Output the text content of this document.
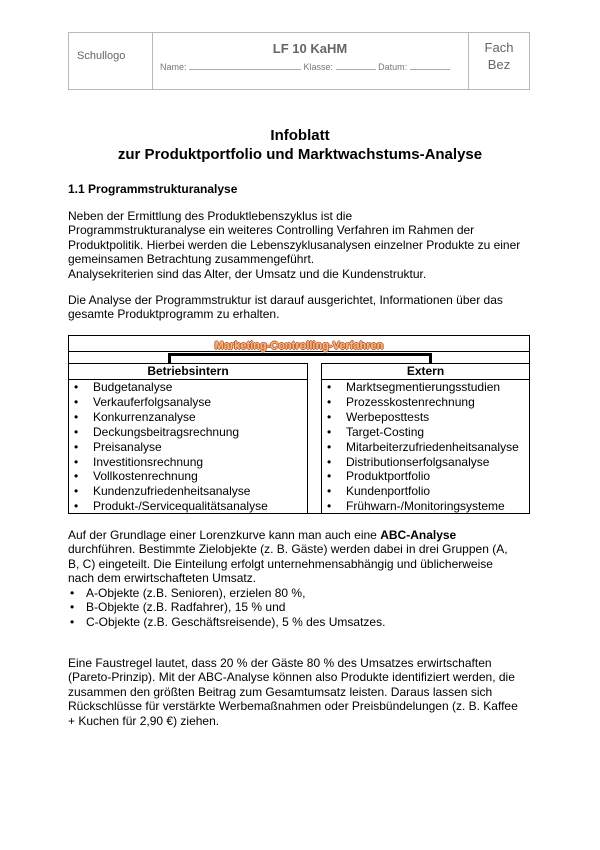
Schullogo	LF 10 KaHM
Name:	Klasse:	Datum:
Fach
Bez
Infoblatt
zur Produktportfolio und Marktwachstums-Analyse
1.1 Programmstrukturanalyse
Neben der Ermittlung des Produktlebenszyklus ist die
Programmstrukturanalyse ein weiteres Controlling Verfahren im Rahmen der
Produktpolitik. Hierbei werden die Lebenszyklusanalysen einzelner Produkte zu einer
gemeinsamen Betrachtung zusammengeführt.
Analysekriterien sind das Alter, der Umsatz und die Kundenstruktur.
Die Analyse der Programmstruktur ist darauf ausgerichtet, Informationen über das
gesamte Produktprogramm zu erhalten.
Marketing-Controlling-Verfahren
Betriebsintern
• Budgetanalyse
• Verkauferfolgsanalyse
• Konkurrenzanalyse
• Deckungsbeitragsrechnung
• Preisanalyse
• Investitionsrechnung
• Vollkostenrechnung
• Kundenzufriedenheitsanalyse
• Produkt-/Servicequalitätsanalyse
Extern
• Marktsegmentierungsstudien
• Prozesskostenrechnung
• Werbeposttests
• Target-Costing
• Mitarbeiterzufriedenheitsanalyse
• Distributionserfolgsanalyse
• Produktportfolio
• Kundenportfolio
• Frühwarn-/Monitoringsysteme
Auf der Grundlage einer Lorenzkurve kann man auch eine ABC-Analyse
durchführen. Bestimmte Zielobjekte (z. B. Gäste) werden dabei in drei Gruppen (A,
B, C) eingeteilt. Die Einteilung erfolgt unternehmensabhängig und üblicherweise
nach dem erwirtschafteten Umsatz.
• A-Objekte (z.B. Senioren), erzielen 80 %,
• B-Objekte (z.B. Radfahrer), 15 % und
• C-Objekte (z.B. Geschäftsreisende), 5 % des Umsatzes.
Eine Faustregel lautet, dass 20 % der Gäste 80 % des Umsatzes erwirtschaften
(Pareto-Prinzip). Mit der ABC-Analyse können also Produkte identifiziert werden, die
zusammen den größten Beitrag zum Gesamtumsatz leisten. Daraus lassen sich
Rückschlüsse für verstärkte Werbemaßnahmen oder Preisbündelungen (z. B. Kaffee
+ Kuchen für 2,90 €) ziehen.
